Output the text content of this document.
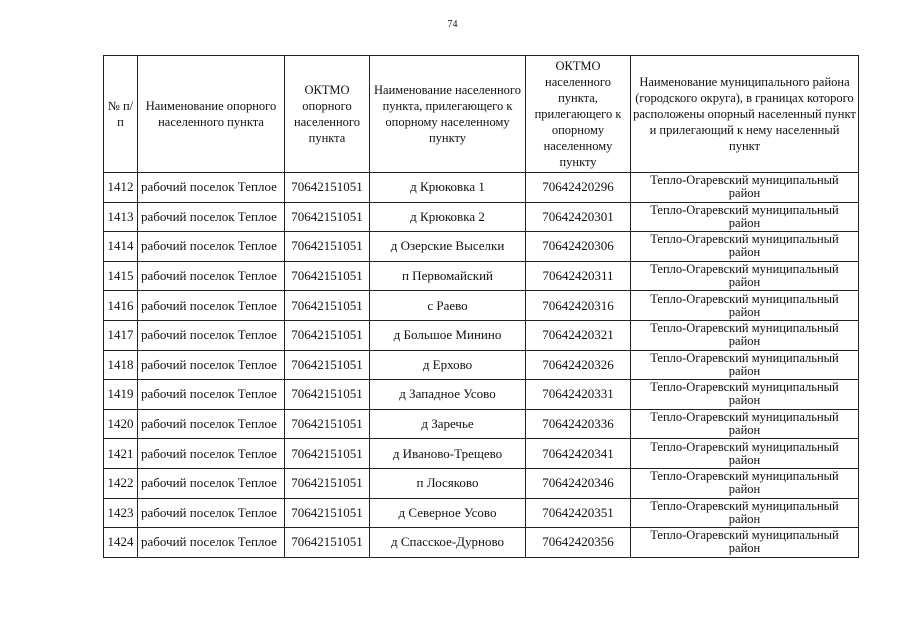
74
№ п/п	Наименование опорного населенного пункта	ОКТМО опорного населенного пункта	Наименование населенного пункта, прилегающего к опорному населенному пункту	ОКТМО населенного пункта, прилегающего к опорному населенному пункту	Наименование муниципального района (городского округа), в границах которого расположены опорный населенный пункт и прилегающий к нему населенный пункт
1412	рабочий поселок Теплое	70642151051	д Крюковка 1	70642420296	Тепло-Огаревский муниципальный район
1413	рабочий поселок Теплое	70642151051	д Крюковка 2	70642420301	Тепло-Огаревский муниципальный район
1414	рабочий поселок Теплое	70642151051	д Озерские Выселки	70642420306	Тепло-Огаревский муниципальный район
1415	рабочий поселок Теплое	70642151051	п Первомайский	70642420311	Тепло-Огаревский муниципальный район
1416	рабочий поселок Теплое	70642151051	с Раево	70642420316	Тепло-Огаревский муниципальный район
1417	рабочий поселок Теплое	70642151051	д Большое Минино	70642420321	Тепло-Огаревский муниципальный район
1418	рабочий поселок Теплое	70642151051	д Ерхово	70642420326	Тепло-Огаревский муниципальный район
1419	рабочий поселок Теплое	70642151051	д Западное Усово	70642420331	Тепло-Огаревский муниципальный район
1420	рабочий поселок Теплое	70642151051	д Заречье	70642420336	Тепло-Огаревский муниципальный район
1421	рабочий поселок Теплое	70642151051	д Иваново-Трещево	70642420341	Тепло-Огаревский муниципальный район
1422	рабочий поселок Теплое	70642151051	п Лосяково	70642420346	Тепло-Огаревский муниципальный район
1423	рабочий поселок Теплое	70642151051	д Северное Усово	70642420351	Тепло-Огаревский муниципальный район
1424	рабочий поселок Теплое	70642151051	д Спасское-Дурново	70642420356	Тепло-Огаревский муниципальный район
